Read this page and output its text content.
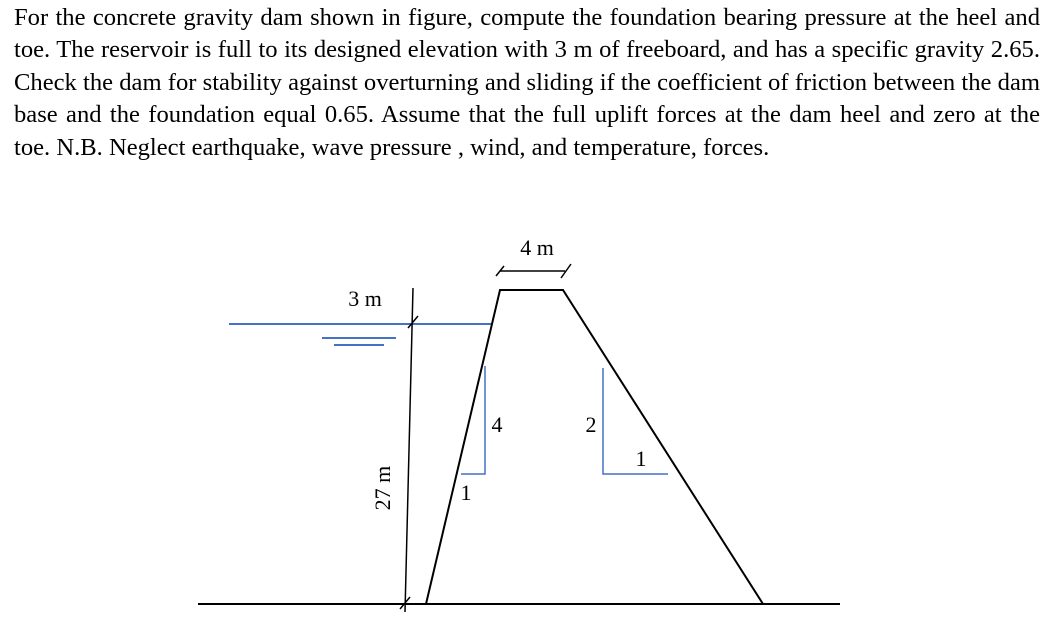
For the concrete gravity dam shown in figure, compute the foundation bearing pressure at the heel and toe. The reservoir is full to its designed elevation with 3 m of freeboard, and has a specific gravity 2.65. Check the dam for stability against overturning and sliding if the coefficient of friction between the dam base and the foundation equal 0.65. Assume that the full uplift forces at the dam heel and zero at the toe. N.B. Neglect earthquake, wave pressure , wind, and temperature, forces.

4 m
3 m
27 m
4
1
2
1
